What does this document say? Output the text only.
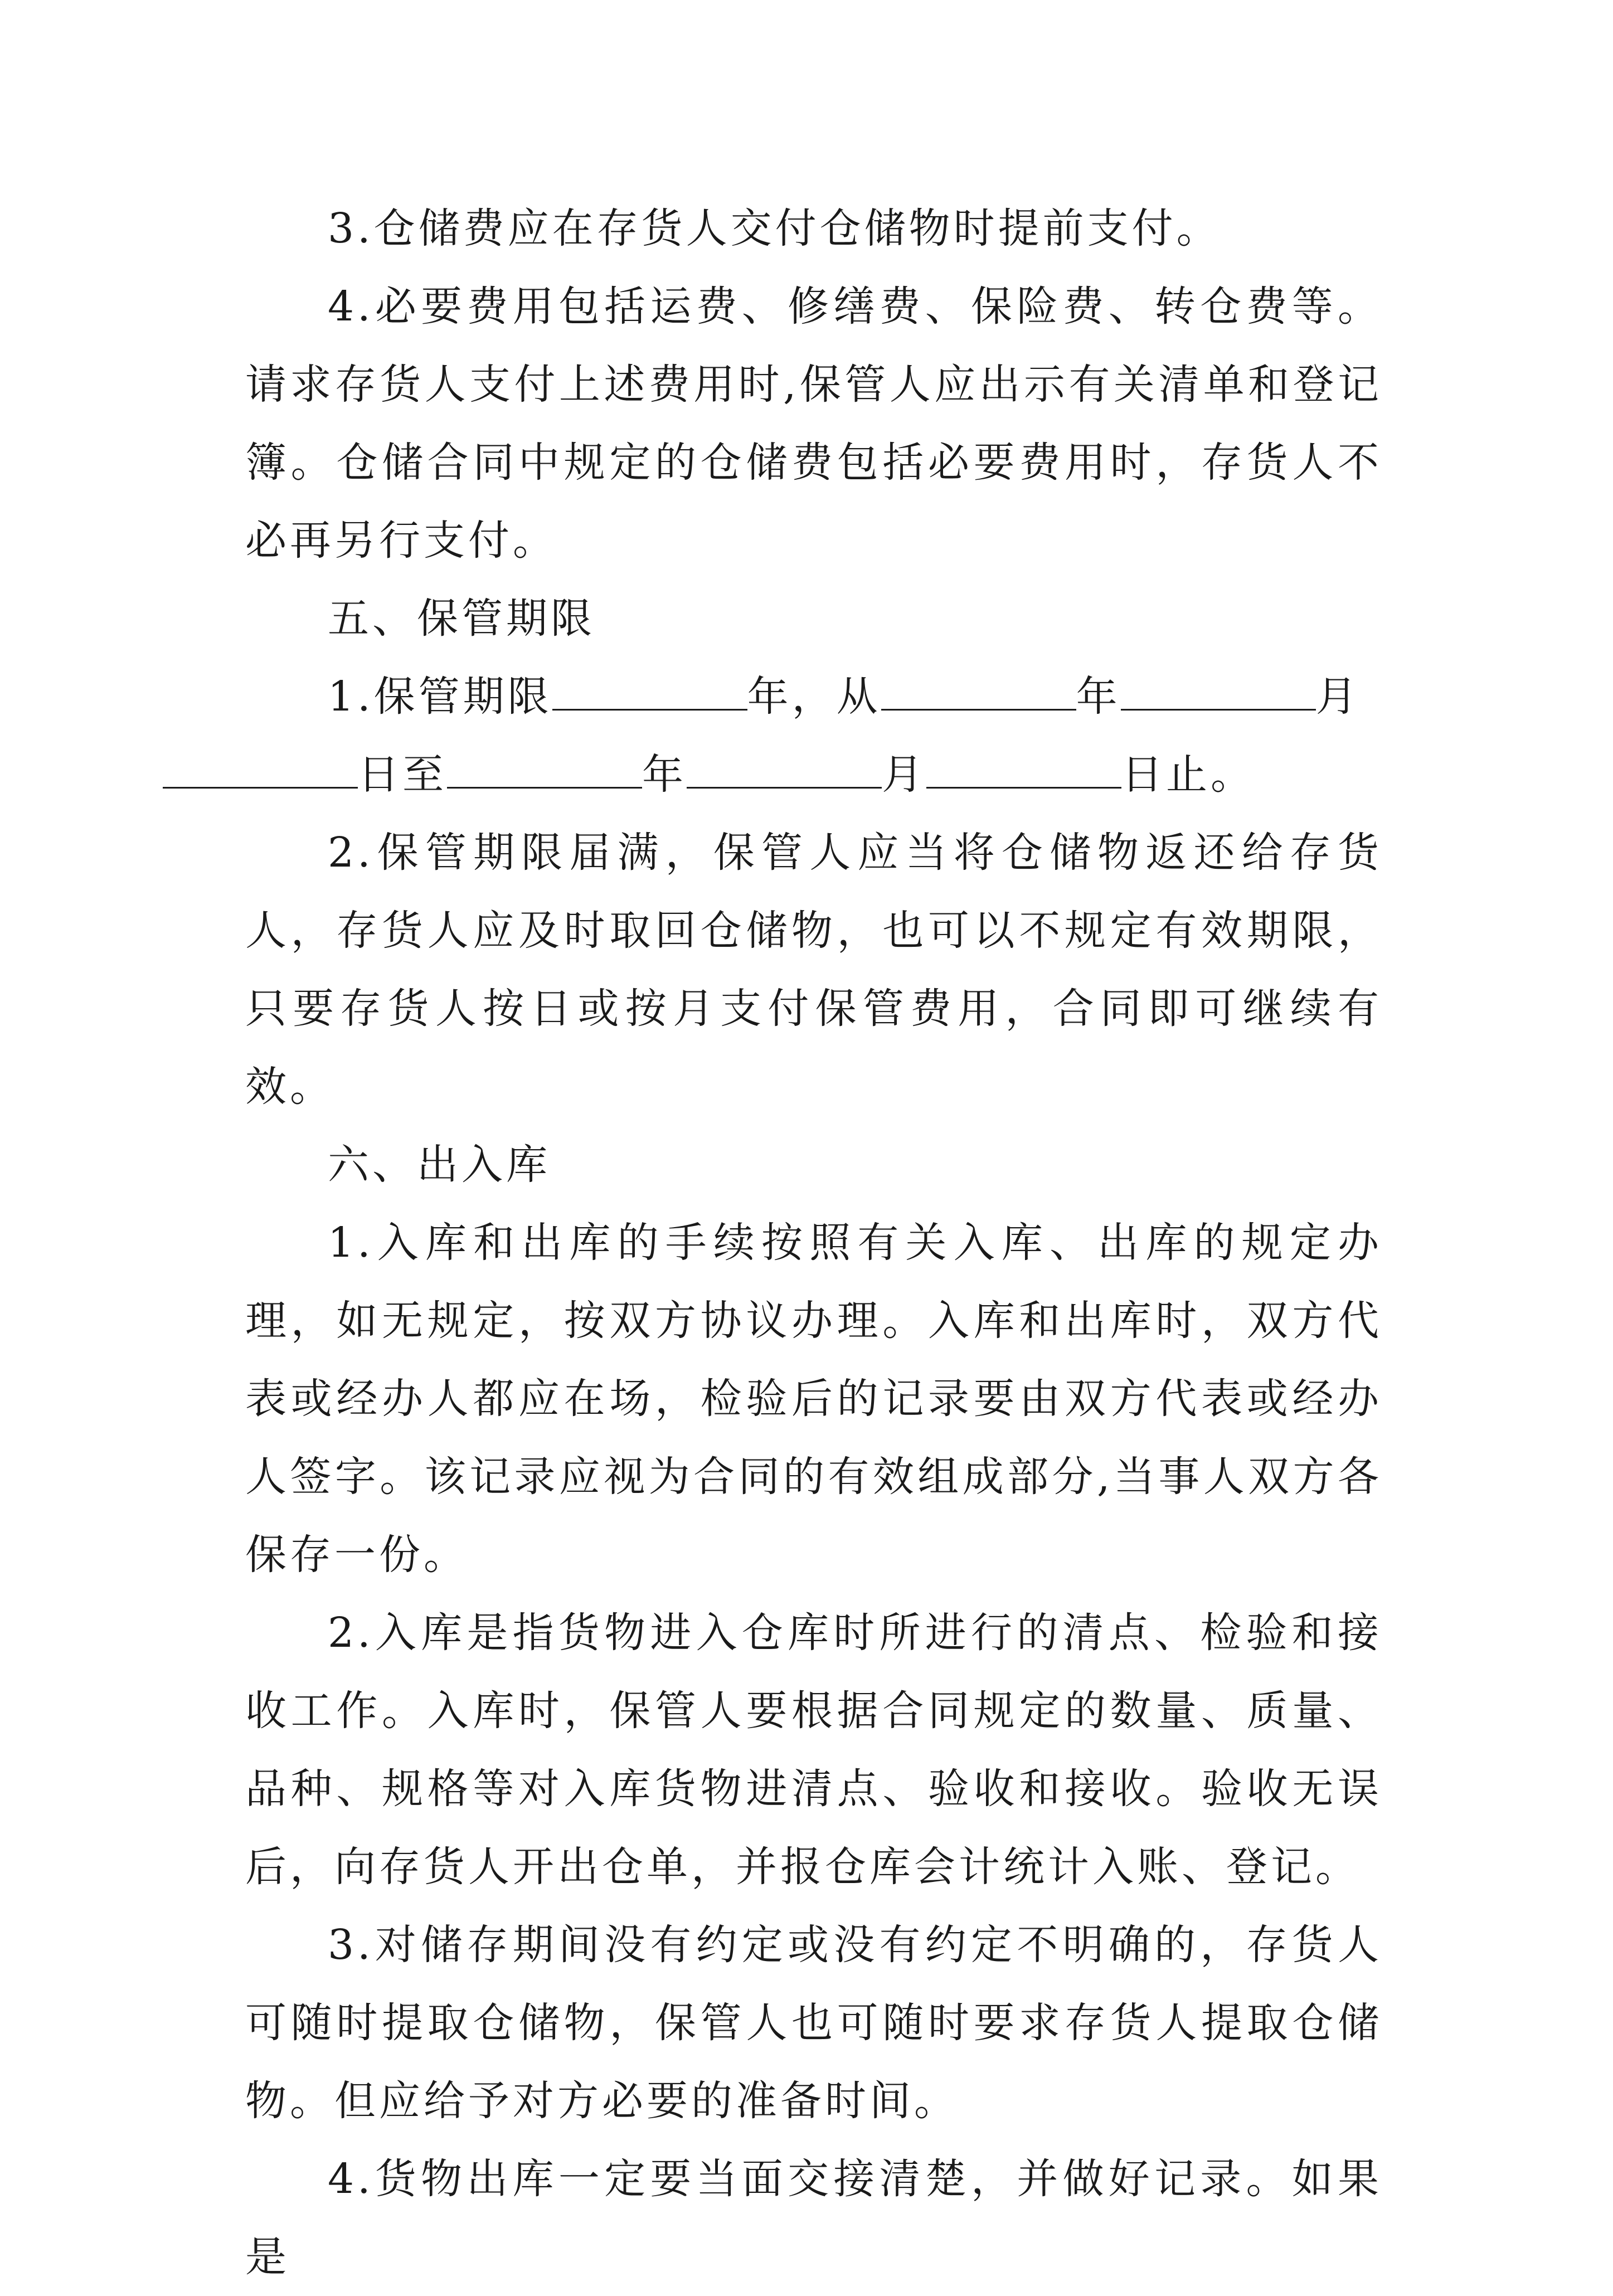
3.仓储费应在存货人交付仓储物时提前支付。

4.必要费用包括运费、修缮费、保险费、转仓费等。请求存货人支付上述费用时,保管人应出示有关清单和登记簿。仓储合同中规定的仓储费包括必要费用时，存货人不必再另行支付。

五、保管期限

1.保管期限	年，从	年	月
日至	年	月	日止。

2.保管期限届满，保管人应当将仓储物返还给存货人，存货人应及时取回仓储物，也可以不规定有效期限，只要存货人按日或按月支付保管费用，合同即可继续有效。

六、出入库

1.入库和出库的手续按照有关入库、出库的规定办理，如无规定，按双方协议办理。入库和出库时，双方代表或经办人都应在场，检验后的记录要由双方代表或经办人签字。该记录应视为合同的有效组成部分,当事人双方各保存一份。

2.入库是指货物进入仓库时所进行的清点、检验和接收工作。入库时，保管人要根据合同规定的数量、质量、品种、规格等对入库货物进清点、验收和接收。验收无误后，向存货人开出仓单，并报仓库会计统计入账、登记。

3.对储存期间没有约定或没有约定不明确的，存货人可随时提取仓储物，保管人也可随时要求存货人提取仓储物。但应给予对方必要的准备时间。

4.货物出库一定要当面交接清楚，并做好记录。如果是
